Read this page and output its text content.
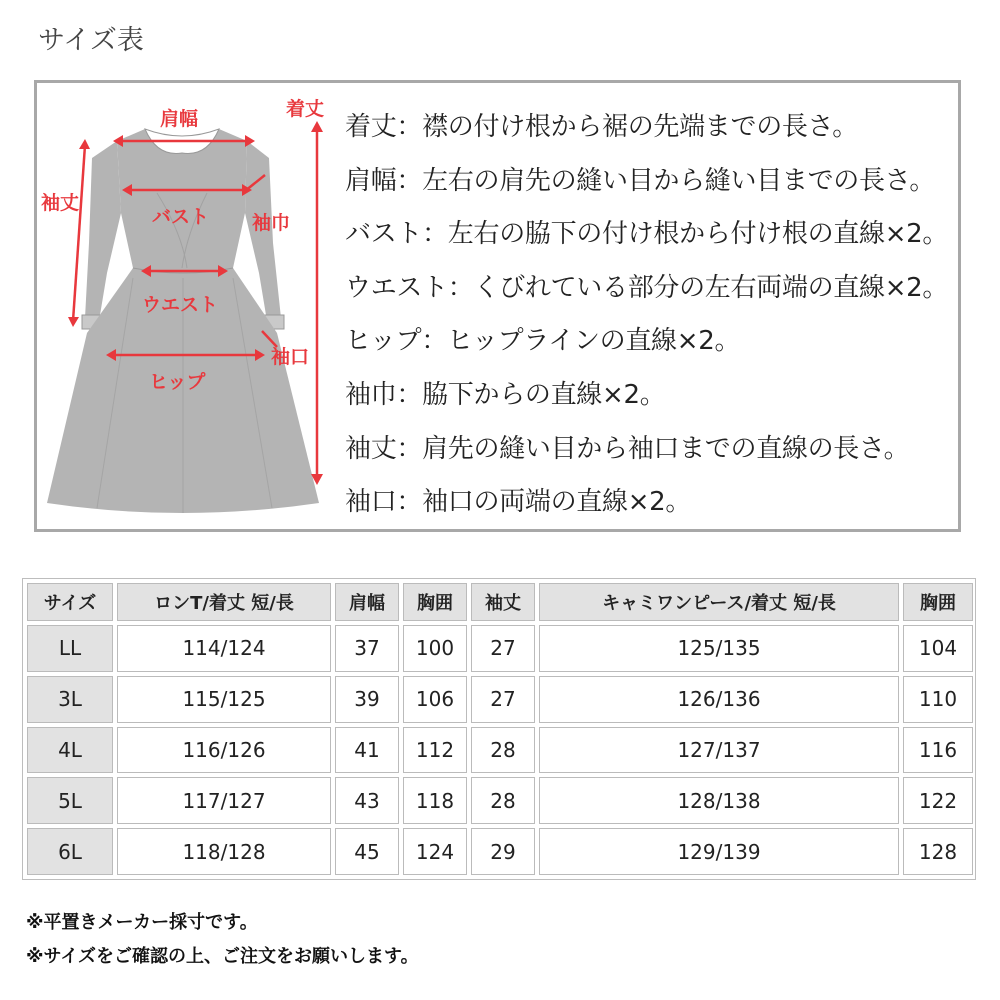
サイズ表
肩幅	着丈
袖丈
バスト 袖巾
ウエスト
袖口
ヒップ
着丈：襟の付け根から裾の先端までの長さ。
肩幅：左右の肩先の縫い目から縫い目までの長さ。
バスト：左右の脇下の付け根から付け根の直線×2。
ウエスト：くびれている部分の左右両端の直線×2。
ヒップ：ヒップラインの直線×2。
袖巾：脇下からの直線×2。
袖丈：肩先の縫い目から袖口までの直線の長さ。
袖口：袖口の両端の直線×2。
サイズ	ロンT/着丈 短/長	肩幅	胸囲	袖丈	キャミワンピース/着丈 短/長	胸囲
LL	114/124	37	100	27	125/135	104
3L	115/125	39	106	27	126/136	110
4L	116/126	41	112	28	127/137	116
5L	117/127	43	118	28	128/138	122
6L	118/128	45	124	29	129/139	128
※平置きメーカー採寸です。
※サイズをご確認の上、ご注文をお願いします。
